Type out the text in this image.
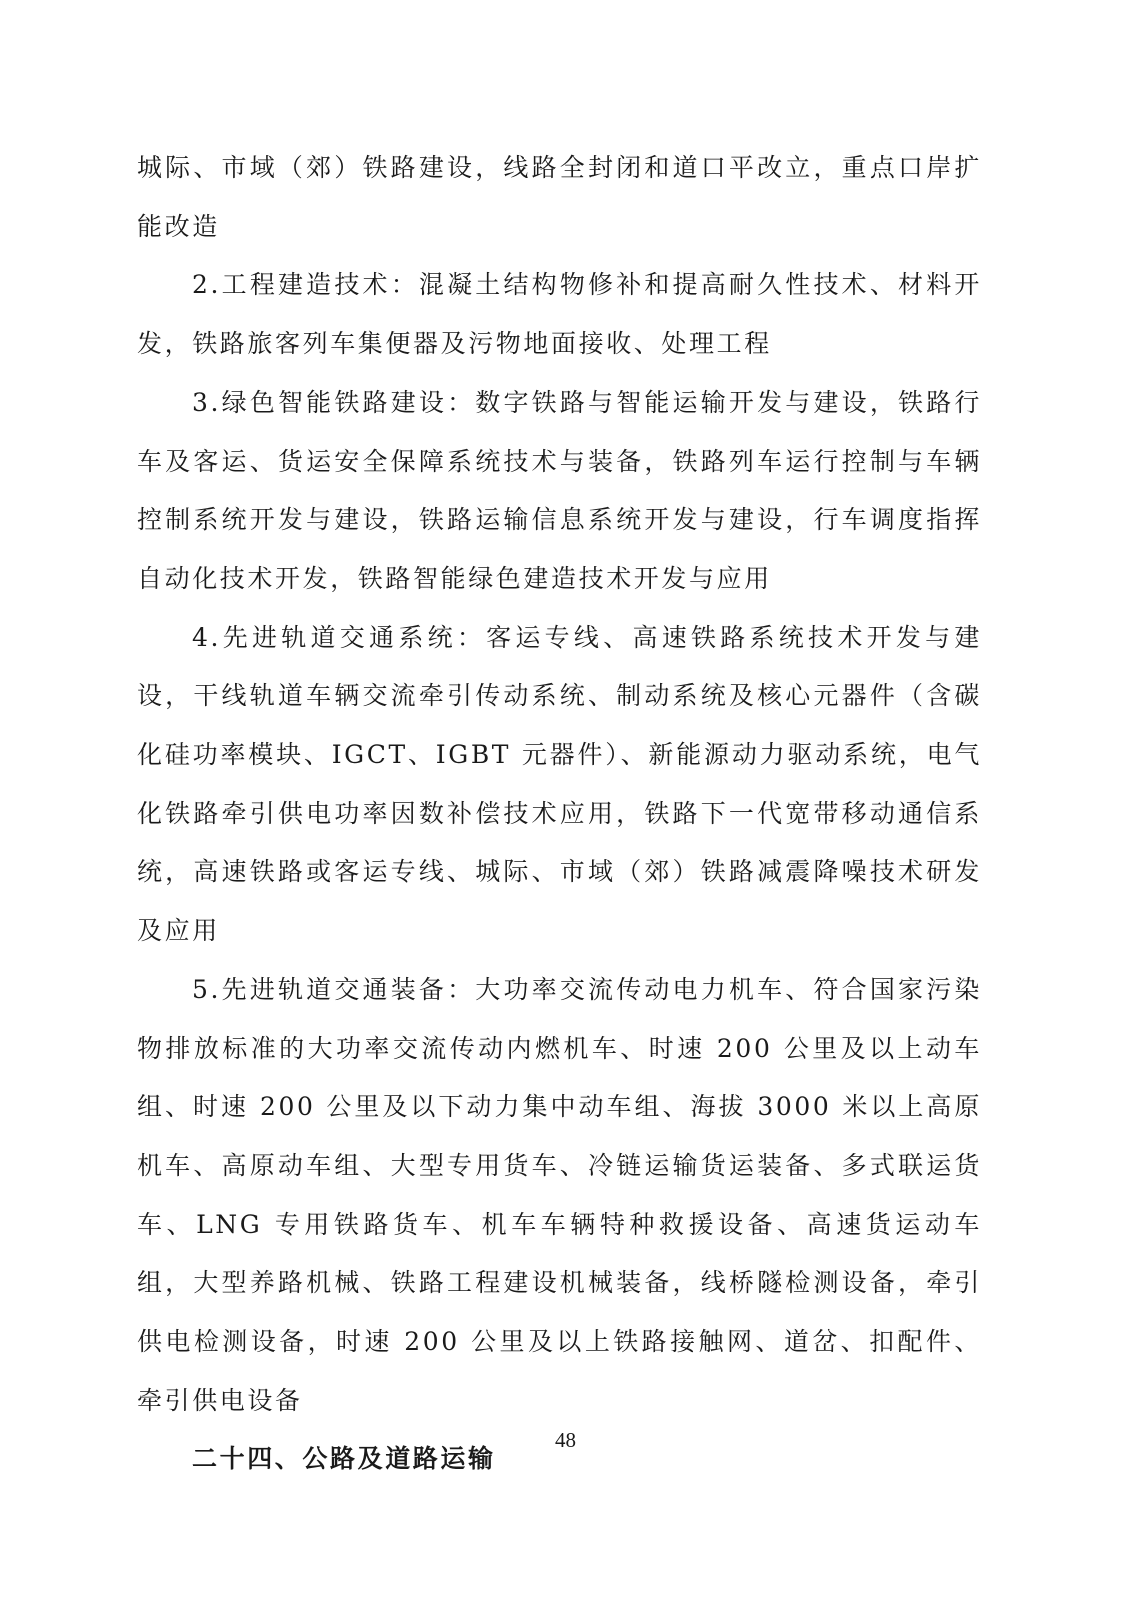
城际、市域（郊）铁路建设，线路全封闭和道口平改立，重点口岸扩能改造

2.工程建造技术：混凝土结构物修补和提高耐久性技术、材料开发，铁路旅客列车集便器及污物地面接收、处理工程

3.绿色智能铁路建设：数字铁路与智能运输开发与建设，铁路行车及客运、货运安全保障系统技术与装备，铁路列车运行控制与车辆控制系统开发与建设，铁路运输信息系统开发与建设，行车调度指挥自动化技术开发，铁路智能绿色建造技术开发与应用

4.先进轨道交通系统：客运专线、高速铁路系统技术开发与建设，干线轨道车辆交流牵引传动系统、制动系统及核心元器件（含碳化硅功率模块、IGCT、IGBT 元器件）、新能源动力驱动系统，电气化铁路牵引供电功率因数补偿技术应用，铁路下一代宽带移动通信系统，高速铁路或客运专线、城际、市域（郊）铁路减震降噪技术研发及应用

5.先进轨道交通装备：大功率交流传动电力机车、符合国家污染物排放标准的大功率交流传动内燃机车、时速 200 公里及以上动车组、时速 200 公里及以下动力集中动车组、海拔 3000 米以上高原机车、高原动车组、大型专用货车、冷链运输货运装备、多式联运货车、LNG 专用铁路货车、机车车辆特种救援设备、高速货运动车组，大型养路机械、铁路工程建设机械装备，线桥隧检测设备，牵引供电检测设备，时速 200 公里及以上铁路接触网、道岔、扣配件、牵引供电设备

二十四、公路及道路运输

48
